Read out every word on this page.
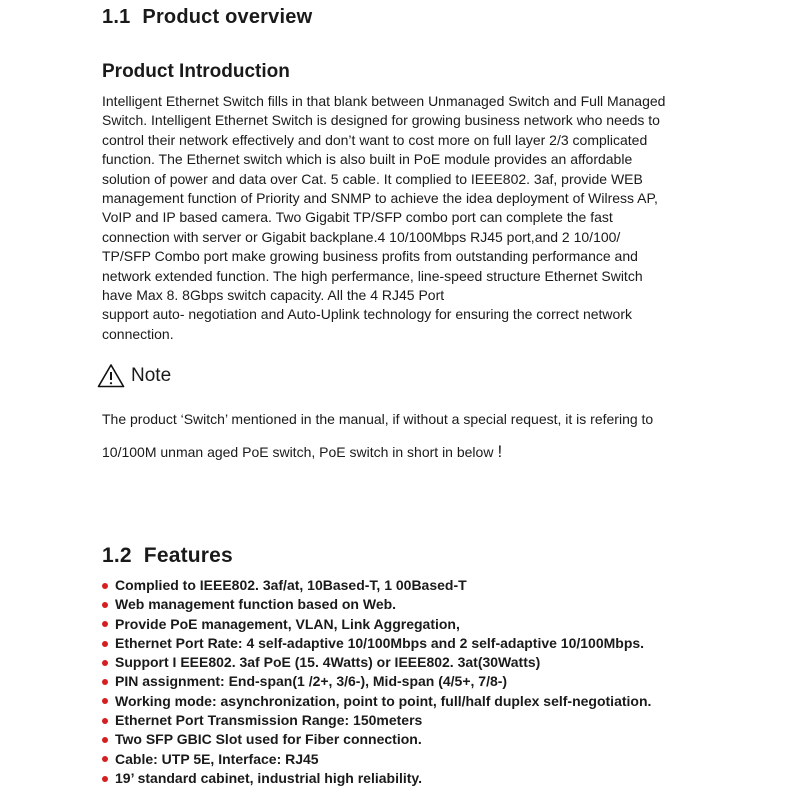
1.1 Product overview
Product Introduction

Intelligent Ethernet Switch fills in that blank between Unmanaged Switch and Full Managed
Switch. Intelligent Ethernet Switch is designed for growing business network who needs to
control their network effectively and don’t want to cost more on full layer 2/3 complicated
function. The Ethernet switch which is also built in PoE module provides an affordable
solution of power and data over Cat. 5 cable. It complied to IEEE802. 3af, provide WEB
management function of Priority and SNMP to achieve the idea deployment of Wilress AP,
VoIP and IP based camera. Two Gigabit TP/SFP combo port can complete the fast
connection with server or Gigabit backplane.4 10/100Mbps RJ45 port,and 2 10/100/
TP/SFP Combo port make growing business profits from outstanding performance and
network extended function. The high perfermance, line-speed structure Ethernet Switch
have Max 8. 8Gbps switch capacity. All the 4 RJ45 Port
support auto- negotiation and Auto-Uplink technology for ensuring the correct network
connection.

Note

The product ‘Switch’ mentioned in the manual, if without a special request, it is refering to

10/100M unman aged PoE switch, PoE switch in short in below !

1.2 Features
Complied to IEEE802. 3af/at, 10Based-T, 1 00Based-T
Web management function based on Web.
Provide PoE management, VLAN, Link Aggregation,
Ethernet Port Rate: 4 self-adaptive 10/100Mbps and 2 self-adaptive 10/100Mbps.
Support I EEE802. 3af PoE (15. 4Watts) or IEEE802. 3at(30Watts)
PIN assignment: End-span(1 /2+, 3/6-), Mid-span (4/5+, 7/8-)
Working mode: asynchronization, point to point, full/half duplex self-negotiation.
Ethernet Port Transmission Range: 150meters
Two SFP GBIC Slot used for Fiber connection.
Cable: UTP 5E, Interface: RJ45
19’ standard cabinet, industrial high reliability.
